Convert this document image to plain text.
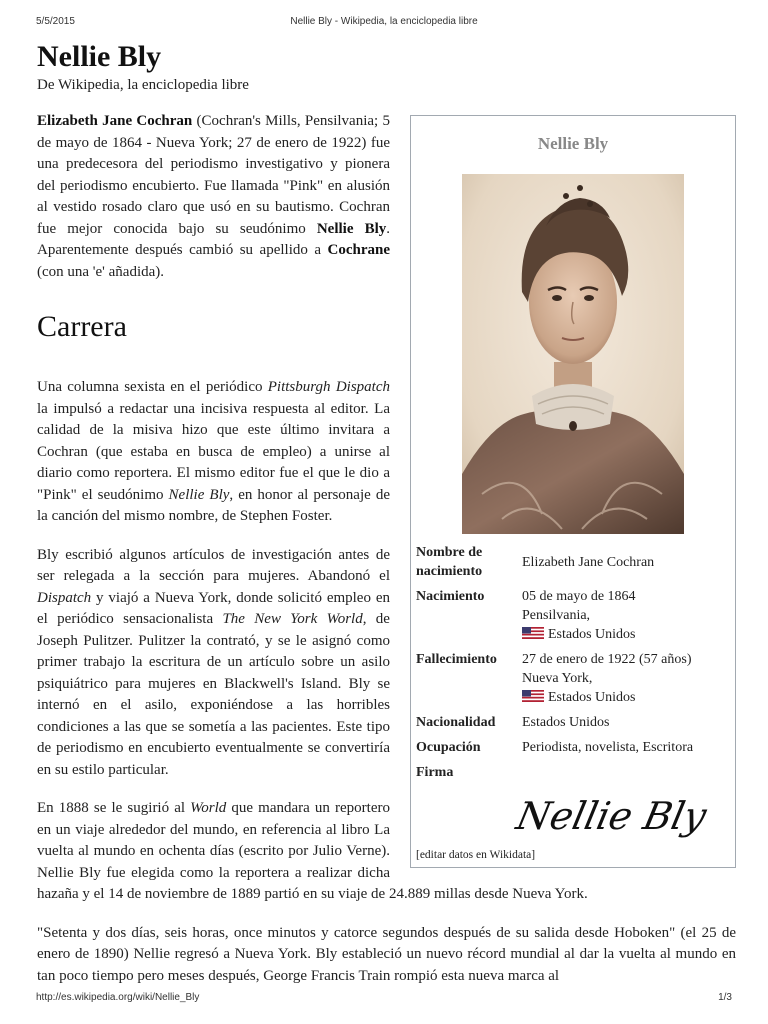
5/5/2015	Nellie Bly - Wikipedia, la enciclopedia libre
Nellie Bly
De Wikipedia, la enciclopedia libre
Nellie Bly
Nombre de nacimiento	Elizabeth Jane Cochran
Nacimiento	05 de mayo de 1864
Pensilvania,
Estados Unidos

Fallecimiento	27 de enero de 1922 (57 años)
Nueva York,
Estados Unidos

Nacionalidad	Estados Unidos
Ocupación	Periodista, novelista, Escritora
Firma	
Nellie Bly
[editar datos en Wikidata]

Elizabeth Jane Cochran (Cochran's Mills, Pensilvania; 5 de mayo de 1864 - Nueva York; 27 de enero de 1922) fue una predecesora del periodismo investigativo y pionera del periodismo encubierto. Fue llamada "Pink" en alusión al vestido rosado claro que usó en su bautismo. Cochran fue mejor conocida bajo su seudónimo Nellie Bly. Aparentemente después cambió su apellido a Cochrane (con una 'e' añadida).

Carrera

Una columna sexista en el periódico Pittsburgh Dispatch la impulsó a redactar una incisiva respuesta al editor. La calidad de la misiva hizo que este último invitara a Cochran (que estaba en busca de empleo) a unirse al diario como reportera. El mismo editor fue el que le dio a "Pink" el seudónimo Nellie Bly, en honor al personaje de la canción del mismo nombre, de Stephen Foster.

Bly escribió algunos artículos de investigación antes de ser relegada a la sección para mujeres. Abandonó el Dispatch y viajó a Nueva York, donde solicitó empleo en el periódico sensacionalista The New York World, de Joseph Pulitzer. Pulitzer la contrató, y se le asignó como primer trabajo la escritura de un artículo sobre un asilo psiquiátrico para mujeres en Blackwell's Island. Bly se internó en el asilo, exponiéndose a las horribles condiciones a las que se sometía a las pacientes. Este tipo de periodismo en encubierto eventualmente se convertiría en su estilo particular.

En 1888 se le sugirió al World que mandara un reportero en un viaje alrededor del mundo, en referencia al libro La vuelta al mundo en ochenta días (escrito por Julio Verne). Nellie Bly fue elegida como la reportera a realizar dicha hazaña y el 14 de noviembre de 1889 partió en su viaje de 24.889 millas desde Nueva York.

"Setenta y dos días, seis horas, once minutos y catorce segundos después de su salida desde Hoboken" (el 25 de enero de 1890) Nellie regresó a Nueva York. Bly estableció un nuevo récord mundial al dar la vuelta al mundo en tan poco tiempo pero meses después, George Francis Train rompió esta nueva marca al

http://es.wikipedia.org/wiki/Nellie_Bly	1/3
